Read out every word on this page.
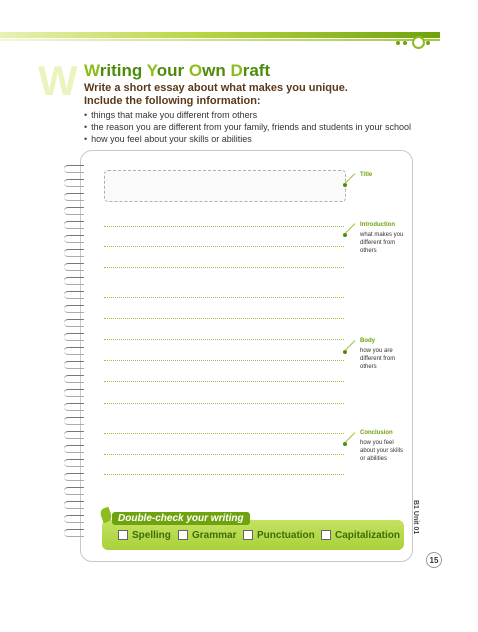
W Writing Your Own Draft
Write a short essay about what makes you unique. Include the following information:
• things that make you different from others
• the reason you are different from your family, friends and students in your school
• how you feel about your skills or abilities
Title
Introduction
what makes you different from others
Body
how you are different from others
Conclusion
how you feel about your skills or abilities
Double-check your writing
Spelling Grammar Punctuation Capitalization
B1 Unit 01
15
